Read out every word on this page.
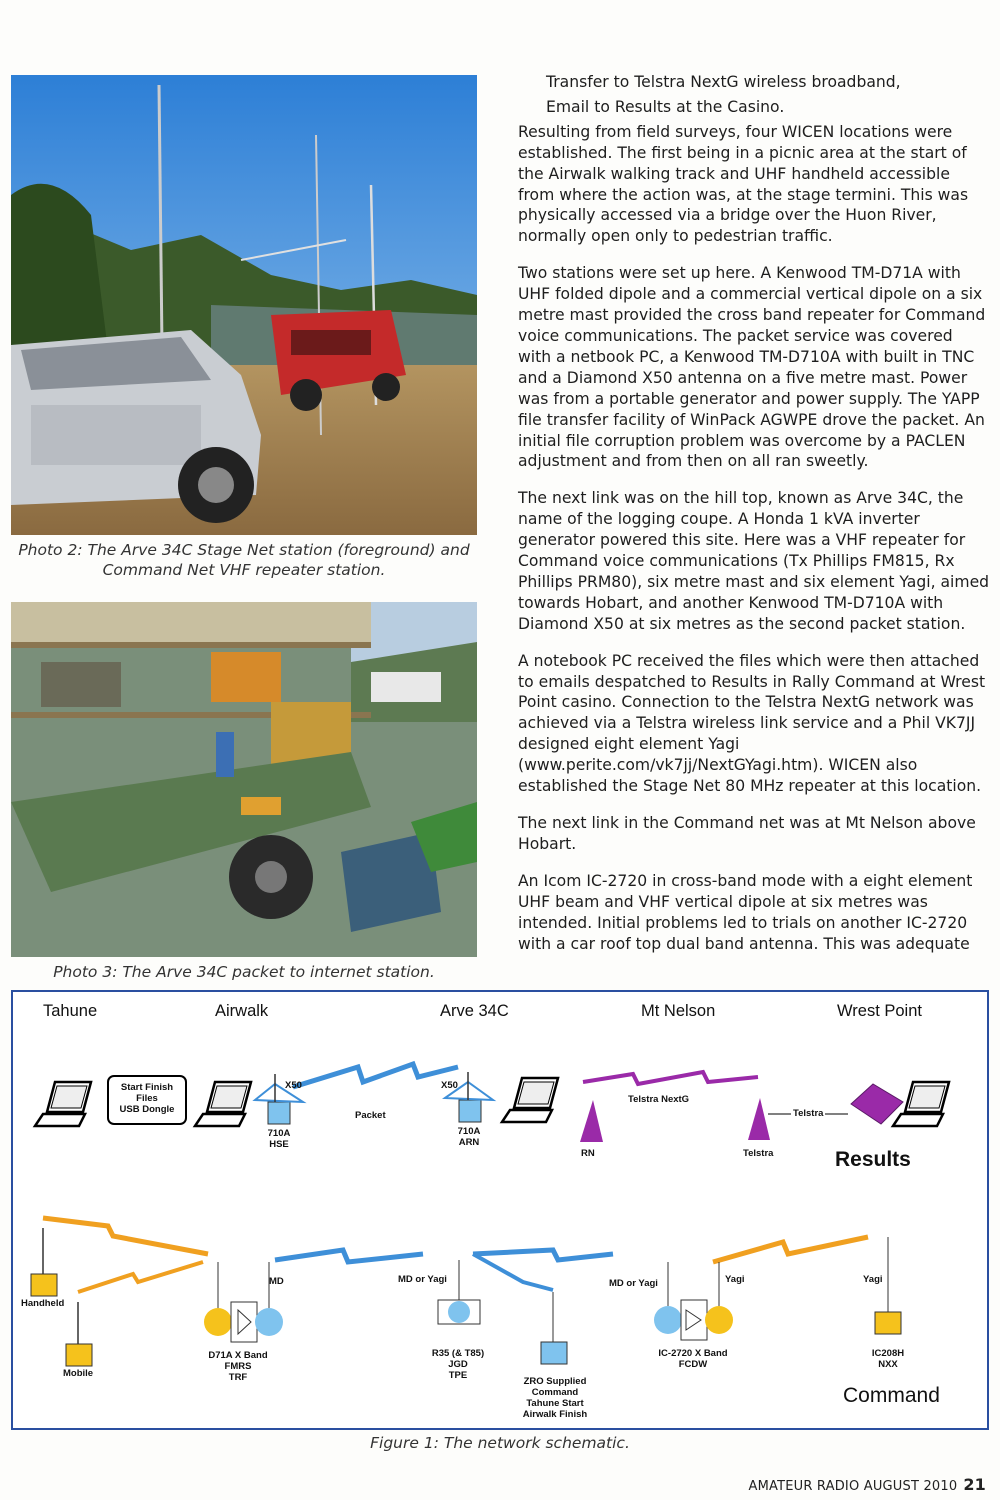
Photo 2: The Arve 34C Stage Net station (foreground) and
Command Net VHF repeater station.
Photo 3: The Arve 34C packet to internet station.

Transfer to Telstra NextG wireless broadband,

Email to Results at the Casino.

Resulting from field surveys, four WICEN locations were established. The first being in a picnic area at the start of the Airwalk walking track and UHF handheld accessible from where the action was, at the stage termini. This was physically accessed via a bridge over the Huon River, normally open only to pedestrian traffic.

Two stations were set up here. A Kenwood TM-D71A with UHF folded dipole and a commercial vertical dipole on a six metre mast provided the cross band repeater for Command voice communications. The packet service was covered with a netbook PC, a Kenwood TM-D710A with built in TNC and a Diamond X50 antenna on a five metre mast. Power was from a portable generator and power supply. The YAPP file transfer facility of WinPack AGWPE drove the packet. An initial file corruption problem was overcome by a PACLEN adjustment and from then on all ran sweetly.

The next link was on the hill top, known as Arve 34C, the name of the logging coupe. A Honda 1 kVA inverter generator powered this site. Here was a VHF repeater for Command voice communications (Tx Phillips FM815, Rx Phillips PRM80), six metre mast and six element Yagi, aimed towards Hobart, and another Kenwood TM-D710A with Diamond X50 at six metres as the second packet station.

A notebook PC received the files which were then attached to emails despatched to Results in Rally Command at Wrest Point casino. Connection to the Telstra NextG network was achieved via a Telstra wireless link service and a Phil VK7JJ designed eight element Yagi (www.perite.com/vk7jj/NextGYagi.htm). WICEN also established the Stage Net 80 MHz repeater at this location.

The next link in the Command net was at Mt Nelson above Hobart.

An Icom IC-2720 in cross-band mode with a eight element UHF beam and VHF vertical dipole at six metres was intended. Initial problems led to trials on another IC-2720 with a car roof top dual band antenna. This was adequate

Tahune	Airwalk	Arve 34C	Mt Nelson	Wrest Point
Start Finish
Files
USB Dongle
X50	X50
Packet
710A
HSE
710A
ARN
Telstra NextG
RN	Telstra
Telstra
Results
Handheld
Mobile
MD	MD or Yagi	MD or Yagi	Yagi	Yagi
D71A X Band
FMRS
TRF
R35 (& T85)
JGD
TPE
ZRO Supplied
Command
Tahune Start
Airwalk Finish
IC-2720 X Band
FCDW
IC208H
NXX
Command
Figure 1: The network schematic.
AMATEUR RADIO AUGUST 2010 21
